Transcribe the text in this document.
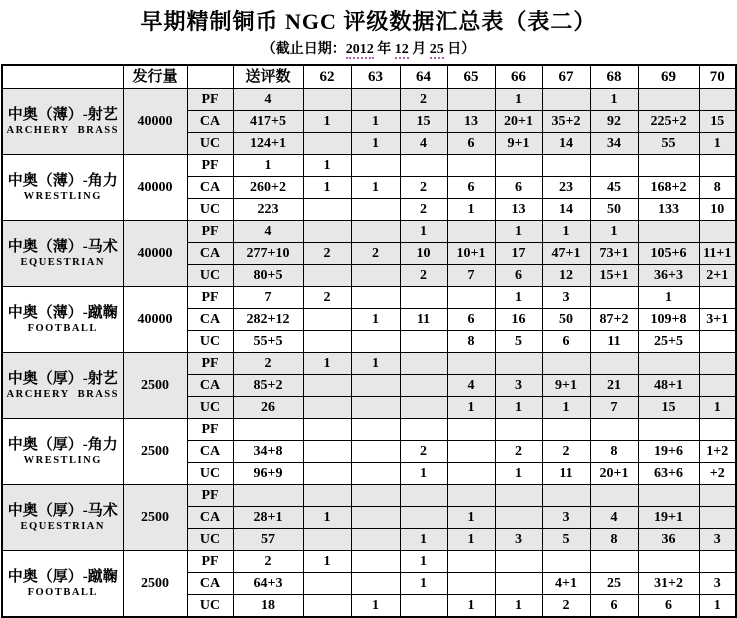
早期精制铜币 NGC 评级数据汇总表（表二）
（截止日期：2012 年 12 月 25 日）
	发行量		送评数	62	63	64	65	66	67	68	69	70

中奥（薄）-射艺
ARCHERY  BRASS	40000	PF	4			2		1		1		
		CA	417+5	1	1	15	13	20+1	35+2	92	225+2	15
		UC	124+1		1	4	6	9+1	14	34	55	1

中奥（薄）-角力
WRESTLING	40000	PF	1	1								
		CA	260+2	1	1	2	6	6	23	45	168+2	8
		UC	223			2	1	13	14	50	133	10

中奥（薄）-马术
EQUESTRIAN	40000	PF	4			1		1	1	1		
		CA	277+10	2	2	10	10+1	17	47+1	73+1	105+6	11+1
		UC	80+5			2	7	6	12	15+1	36+3	2+1

中奥（薄）-蹴鞠
FOOTBALL	40000	PF	7	2				1	3		1	
		CA	282+12		1	11	6	16	50	87+2	109+8	3+1
		UC	55+5				8	5	6	11	25+5	

中奥（厚）-射艺
ARCHERY  BRASS	2500	PF	2	1	1							
		CA	85+2				4	3	9+1	21	48+1	
		UC	26				1	1	1	7	15	1

中奥（厚）-角力
WRESTLING	2500	PF										
		CA	34+8			2		2	2	8	19+6	1+2
		UC	96+9			1		1	11	20+1	63+6	+2

中奥（厚）-马术
EQUESTRIAN	2500	PF										
		CA	28+1	1			1		3	4	19+1	
		UC	57			1	1	3	5	8	36	3

中奥（厚）-蹴鞠
FOOTBALL	2500	PF	2	1		1						
		CA	64+3			1			4+1	25	31+2	3
		UC	18		1		1	1	2	6	6	1
